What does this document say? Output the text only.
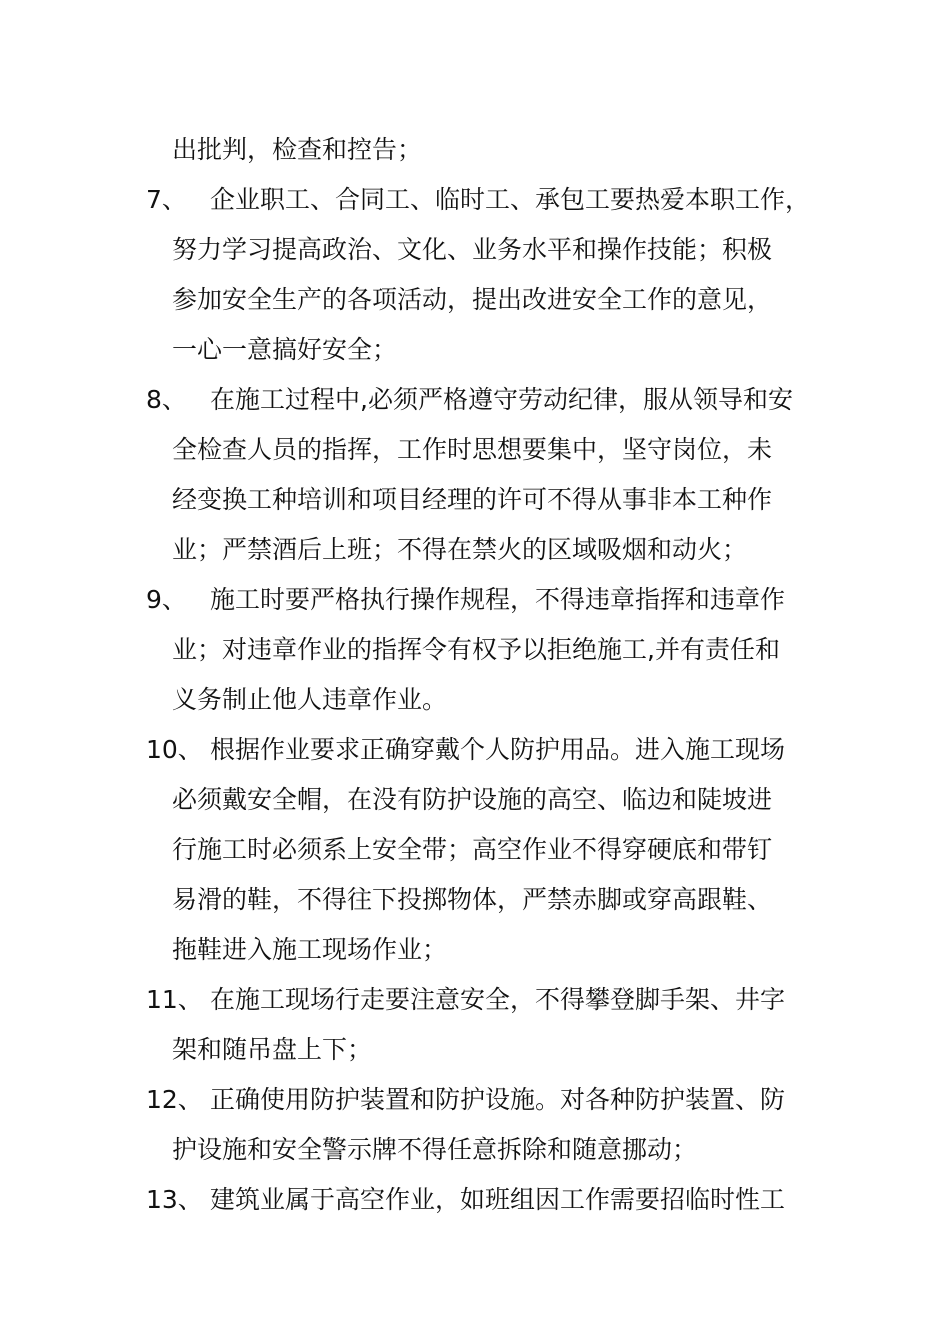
出批判，检查和控告；
7、 企业职工、合同工、临时工、承包工要热爱本职工作，
努力学习提高政治、文化、业务水平和操作技能；积极
参加安全生产的各项活动，提出改进安全工作的意见，
一心一意搞好安全；
8、 在施工过程中,必须严格遵守劳动纪律，服从领导和安
全检查人员的指挥，工作时思想要集中，坚守岗位，未
经变换工种培训和项目经理的许可不得从事非本工种作
业；严禁酒后上班；不得在禁火的区域吸烟和动火；
9、 施工时要严格执行操作规程，不得违章指挥和违章作
业；对违章作业的指挥令有权予以拒绝施工,并有责任和
义务制止他人违章作业。
10、 根据作业要求正确穿戴个人防护用品。进入施工现场
必须戴安全帽，在没有防护设施的高空、临边和陡坡进
行施工时必须系上安全带；高空作业不得穿硬底和带钉
易滑的鞋，不得往下投掷物体，严禁赤脚或穿高跟鞋、
拖鞋进入施工现场作业；
11、 在施工现场行走要注意安全，不得攀登脚手架、井字
架和随吊盘上下；
12、 正确使用防护装置和防护设施。对各种防护装置、防
护设施和安全警示牌不得任意拆除和随意挪动；
13、 建筑业属于高空作业，如班组因工作需要招临时性工
